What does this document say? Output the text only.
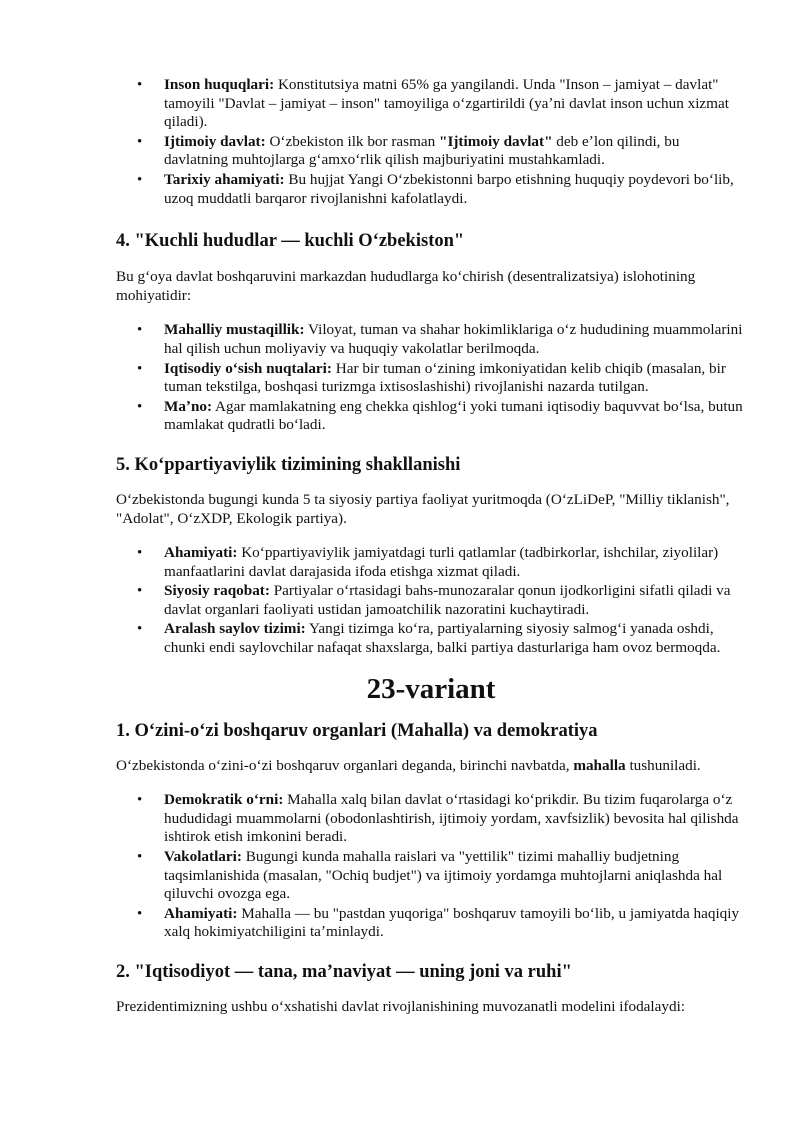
• Inson huquqlari: Konstitutsiya matni 65% ga yangilandi. Unda "Inson – jamiyat – davlat" tamoyili "Davlat – jamiyat – inson" tamoyiliga oʻzgartirildi (yaʼni davlat inson uchun xizmat qiladi).
• Ijtimoiy davlat: Oʻzbekiston ilk bor rasman "Ijtimoiy davlat" deb eʼlon qilindi, bu davlatning muhtojlarga gʻamxoʻrlik qilish majburiyatini mustahkamladi.
• Tarixiy ahamiyati: Bu hujjat Yangi Oʻzbekistonni barpo etishning huquqiy poydevori boʻlib, uzoq muddatli barqaror rivojlanishni kafolatlaydi.
4. "Kuchli hududlar — kuchli Oʻzbekiston"

Bu gʻoya davlat boshqaruvini markazdan hududlarga koʻchirish (desentralizatsiya) islohotining mohiyatidir:

• Mahalliy mustaqillik: Viloyat, tuman va shahar hokimliklariga oʻz hududining muammolarini hal qilish uchun moliyaviy va huquqiy vakolatlar berilmoqda.
• Iqtisodiy oʻsish nuqtalari: Har bir tuman oʻzining imkoniyatidan kelib chiqib (masalan, bir tuman tekstilga, boshqasi turizmga ixtisoslashishi) rivojlanishi nazarda tutilgan.
• Maʼno: Agar mamlakatning eng chekka qishlogʻi yoki tumani iqtisodiy baquvvat boʻlsa, butun mamlakat qudratli boʻladi.
5. Koʻppartiyaviylik tizimining shakllanishi

Oʻzbekistonda bugungi kunda 5 ta siyosiy partiya faoliyat yuritmoqda (OʻzLiDeP, "Milliy tiklanish", "Adolat", OʻzXDP, Ekologik partiya).

• Ahamiyati: Koʻppartiyaviylik jamiyatdagi turli qatlamlar (tadbirkorlar, ishchilar, ziyolilar) manfaatlarini davlat darajasida ifoda etishga xizmat qiladi.
• Siyosiy raqobat: Partiyalar oʻrtasidagi bahs-munozaralar qonun ijodkorligini sifatli qiladi va davlat organlari faoliyati ustidan jamoatchilik nazoratini kuchaytiradi.
• Aralash saylov tizimi: Yangi tizimga koʻra, partiyalarning siyosiy salmogʻi yanada oshdi, chunki endi saylovchilar nafaqat shaxslarga, balki partiya dasturlariga ham ovoz bermoqda.
23-variant
1. Oʻzini-oʻzi boshqaruv organlari (Mahalla) va demokratiya

Oʻzbekistonda oʻzini-oʻzi boshqaruv organlari deganda, birinchi navbatda, mahalla tushuniladi.

• Demokratik oʻrni: Mahalla xalq bilan davlat oʻrtasidagi koʻprikdir. Bu tizim fuqarolarga oʻz hududidagi muammolarni (obodonlashtirish, ijtimoiy yordam, xavfsizlik) bevosita hal qilishda ishtirok etish imkonini beradi.
• Vakolatlari: Bugungi kunda mahalla raislari va "yettilik" tizimi mahalliy budjetning taqsimlanishida (masalan, "Ochiq budjet") va ijtimoiy yordamga muhtojlarni aniqlashda hal qiluvchi ovozga ega.
• Ahamiyati: Mahalla — bu "pastdan yuqoriga" boshqaruv tamoyili boʻlib, u jamiyatda haqiqiy xalq hokimiyatchiligini taʼminlaydi.
2. "Iqtisodiyot — tana, maʼnaviyat — uning joni va ruhi"

Prezidentimizning ushbu oʻxshatishi davlat rivojlanishining muvozanatli modelini ifodalaydi:
